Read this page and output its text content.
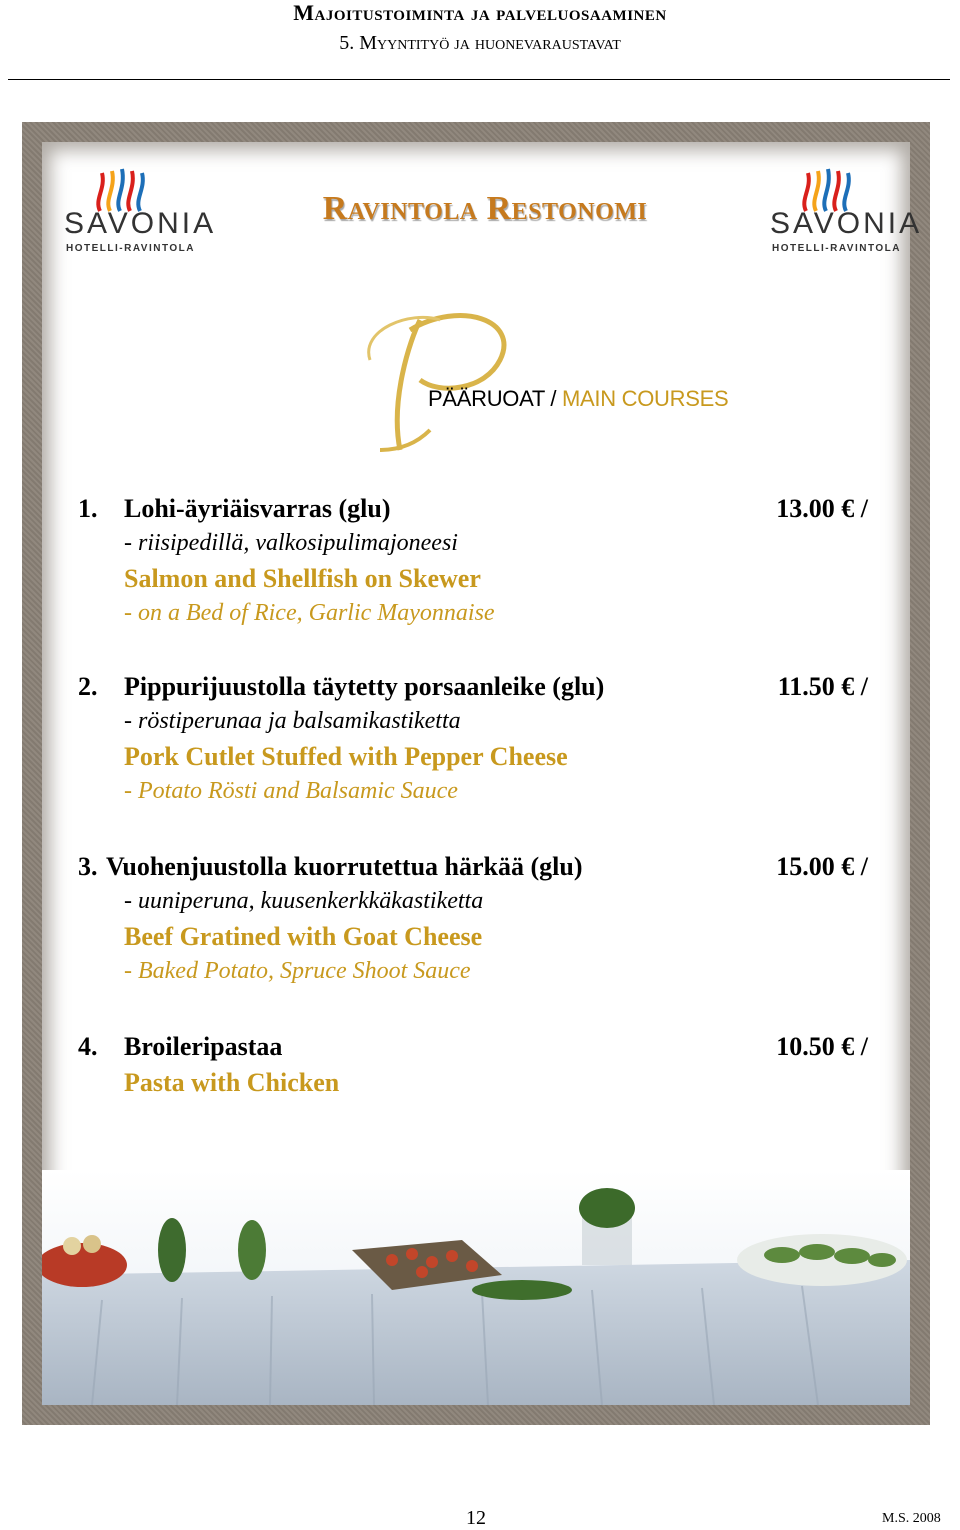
Majoitustoiminta ja palveluosaaminen
5. Myyntityö ja huonevaraustavat
SAVONIA
HOTELLI-RAVINTOLA
SAVONIA
HOTELLI-RAVINTOLA
Ravintola Restonomi
PÄÄRUOAT / MAIN COURSES
1. Lohi-äyriäisvarras (glu)	13.00 € /
- riisipedillä, valkosipulimajoneesi
Salmon and Shellfish on Skewer
- on a Bed of Rice, Garlic Mayonnaise
2. Pippurijuustolla täytetty porsaanleike (glu)	11.50 € /
- röstiperunaa ja balsamikastiketta
Pork Cutlet Stuffed with Pepper Cheese
- Potato Rösti and Balsamic Sauce
3. Vuohenjuustolla kuorrutettua härkää (glu)	15.00 € /
- uuniperuna, kuusenkerkkäkastiketta
Beef Gratined with Goat Cheese
- Baked Potato, Spruce Shoot Sauce
4. Broileripastaa	10.50 € /
Pasta with Chicken
12	M.S. 2008
